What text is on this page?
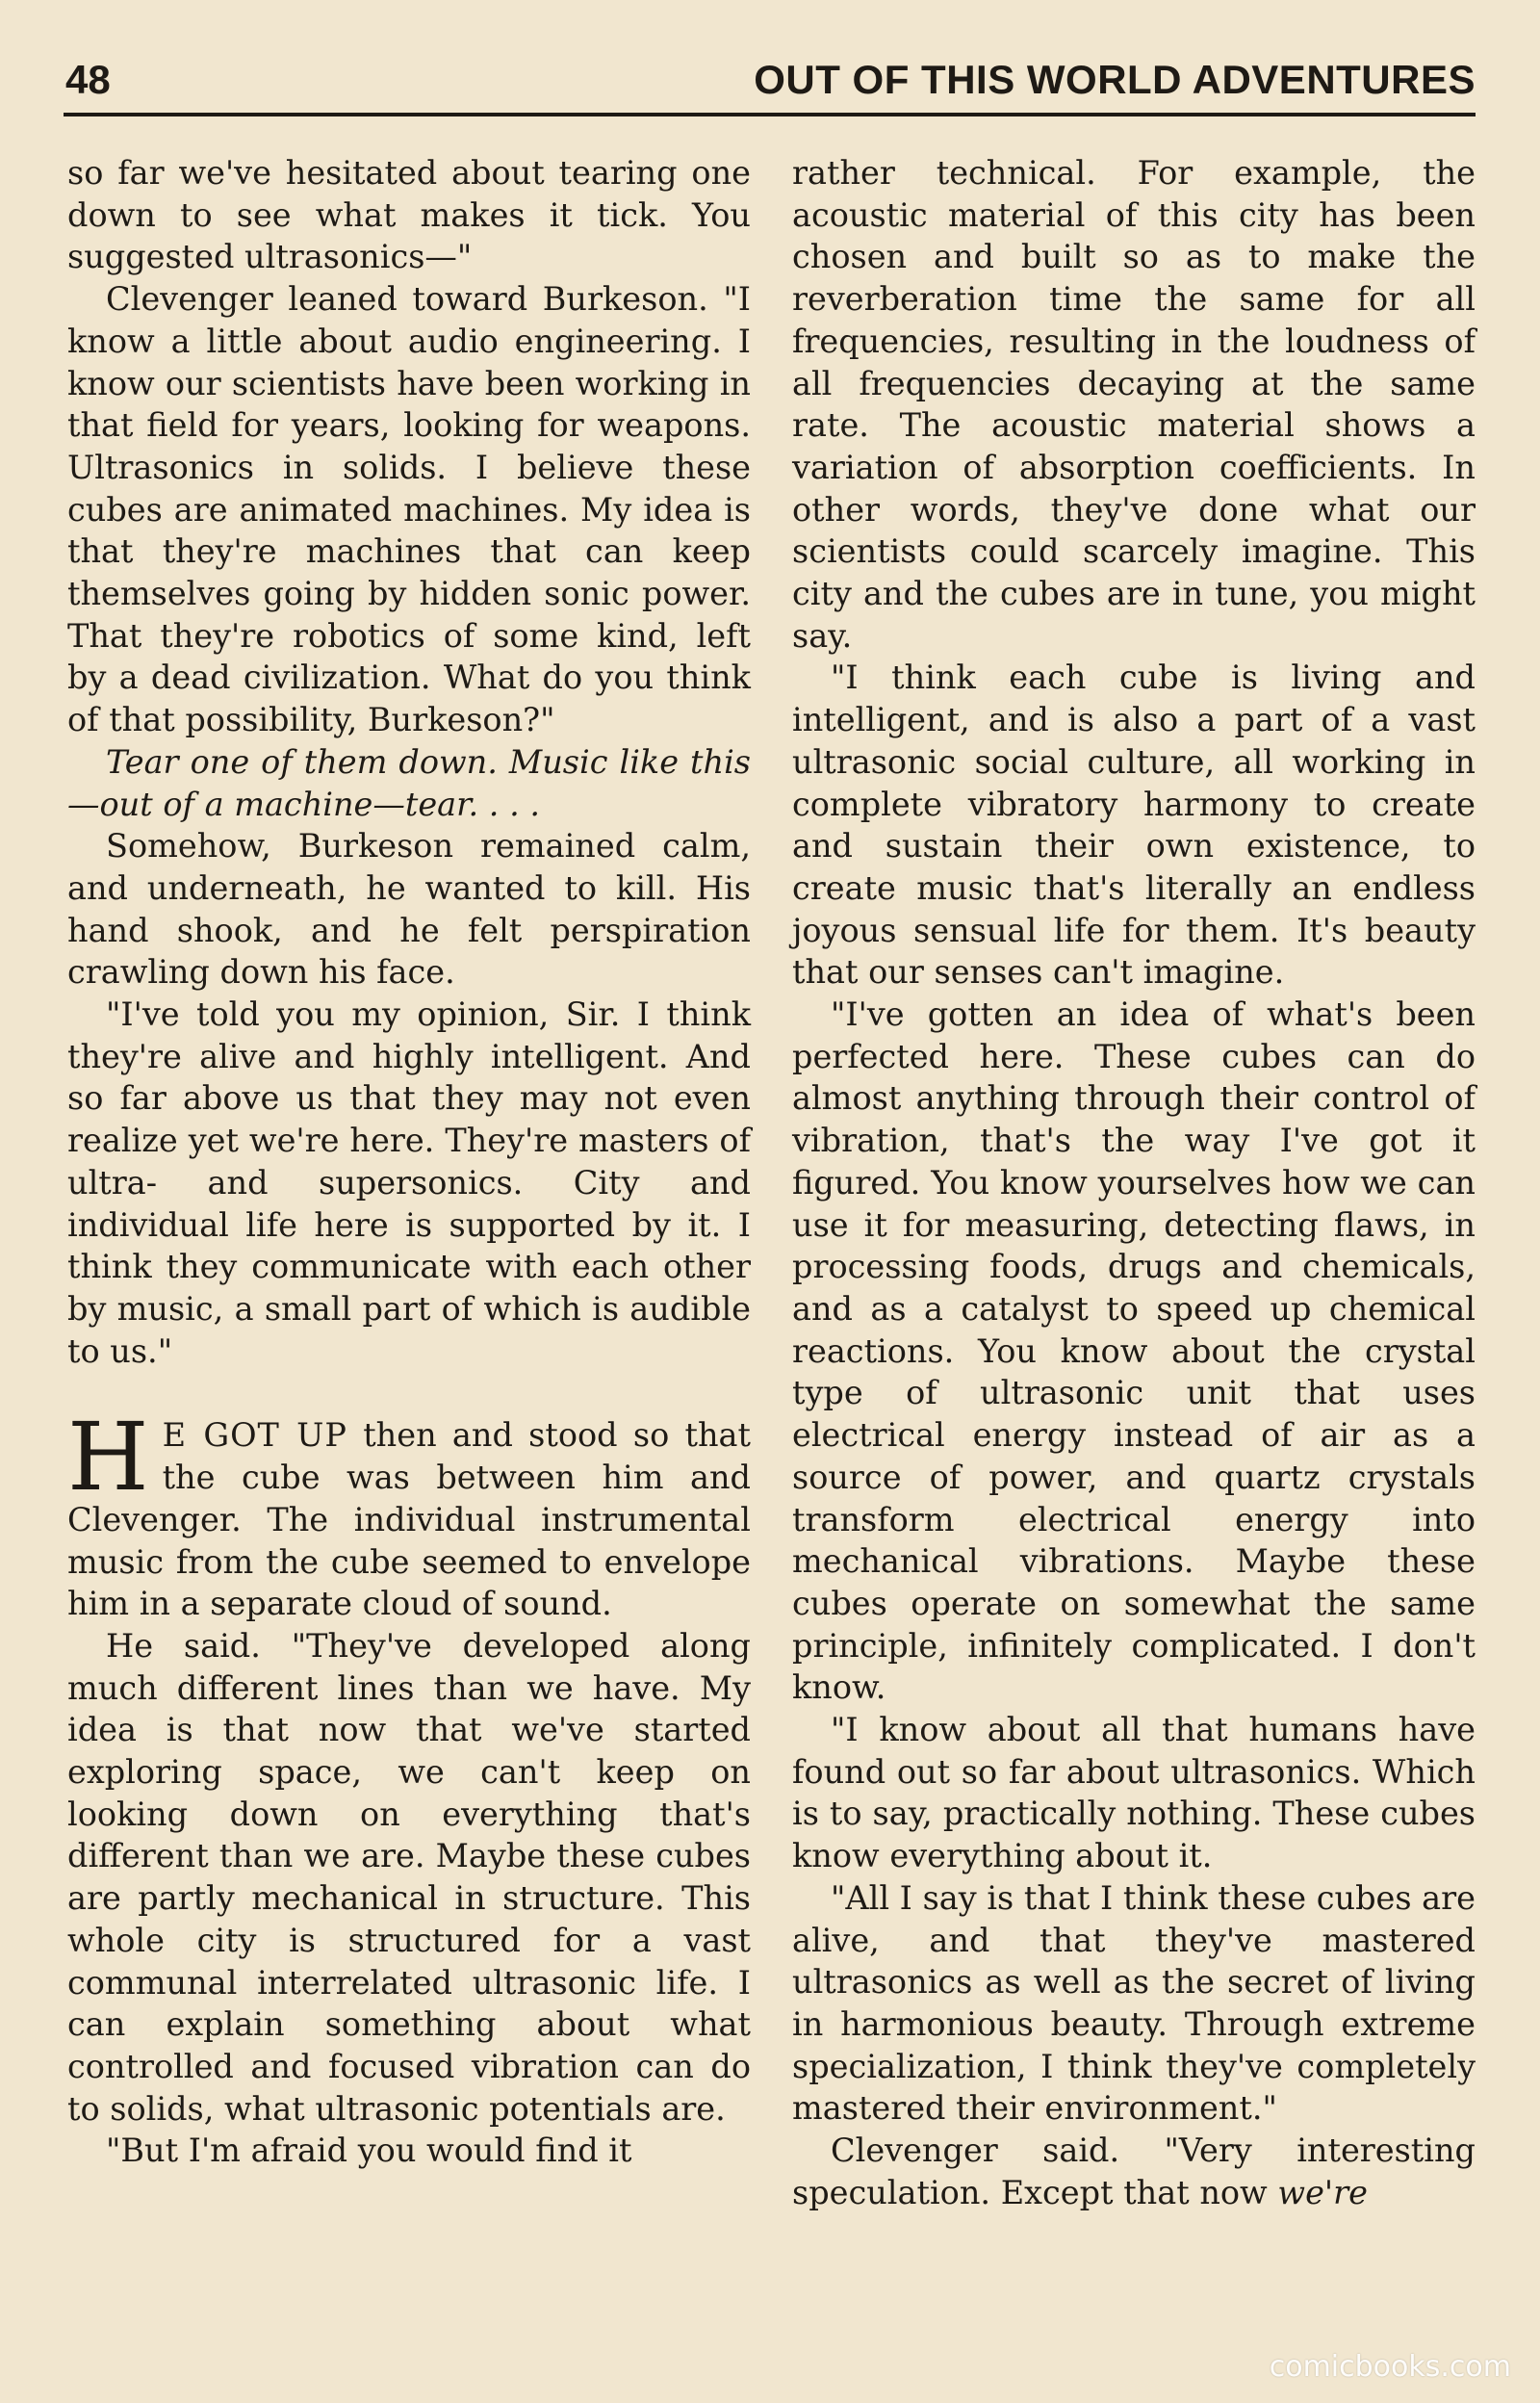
48	OUT OF THIS WORLD ADVENTURES

so far we've hesitated about tearing one down to see what makes it tick. You suggested ultrasonics—"

Clevenger leaned toward Burkeson. "I know a little about audio engineering. I know our scientists have been working in that field for years, looking for weapons. Ultrasonics in solids. I believe these cubes are animated machines. My idea is that they're machines that can keep themselves going by hidden sonic power. That they're robotics of some kind, left by a dead civilization. What do you think of that possibility, Burkeson?"

Tear one of them down. Music like this—out of a machine—tear. . . .

Somehow, Burkeson remained calm, and underneath, he wanted to kill. His hand shook, and he felt perspiration crawling down his face.

"I've told you my opinion, Sir. I think they're alive and highly intelligent. And so far above us that they may not even realize yet we're here. They're masters of ultra- and supersonics. City and individual life here is supported by it. I think they communicate with each other by music, a small part of which is audible to us."

H E GOT UP then and stood so that the cube was between him and Clevenger. The individual instrumental music from the cube seemed to envelope him in a separate cloud of sound.

He said. "They've developed along much different lines than we have. My idea is that now that we've started exploring space, we can't keep on looking down on everything that's different than we are. Maybe these cubes are partly mechanical in structure. This whole city is structured for a vast communal interrelated ultrasonic life. I can explain something about what controlled and focused vibration can do to solids, what ultrasonic potentials are.

"But I'm afraid you would find it

rather technical. For example, the acoustic material of this city has been chosen and built so as to make the reverberation time the same for all frequencies, resulting in the loudness of all frequencies decaying at the same rate. The acoustic material shows a variation of absorption coefficients. In other words, they've done what our scientists could scarcely imagine. This city and the cubes are in tune, you might say.

"I think each cube is living and intelligent, and is also a part of a vast ultrasonic social culture, all working in complete vibratory harmony to create and sustain their own existence, to create music that's literally an endless joyous sensual life for them. It's beauty that our senses can't imagine.

"I've gotten an idea of what's been perfected here. These cubes can do almost anything through their control of vibration, that's the way I've got it figured. You know yourselves how we can use it for measuring, detecting flaws, in processing foods, drugs and chemicals, and as a catalyst to speed up chemical reactions. You know about the crystal type of ultrasonic unit that uses electrical energy instead of air as a source of power, and quartz crystals transform electrical energy into mechanical vibrations. Maybe these cubes operate on somewhat the same principle, infinitely complicated. I don't know.

"I know about all that humans have found out so far about ultrasonics. Which is to say, practically nothing. These cubes know everything about it.

"All I say is that I think these cubes are alive, and that they've mastered ultrasonics as well as the secret of living in harmonious beauty. Through extreme specialization, I think they've completely mastered their environment."

Clevenger said. "Very interesting speculation. Except that now we're

comicbooks.com
